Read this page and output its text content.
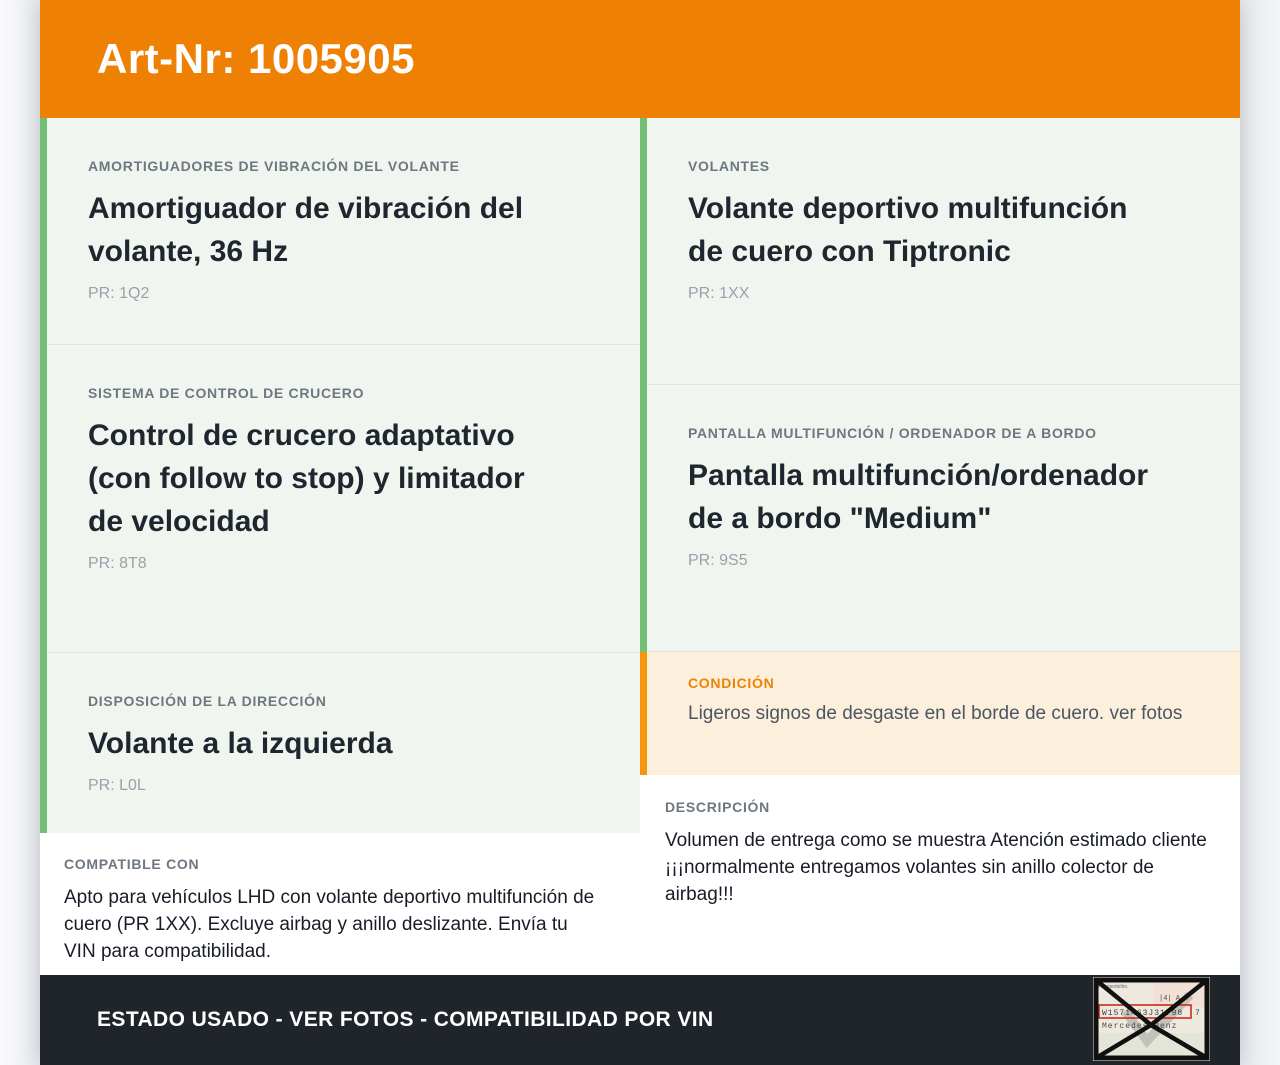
Art-Nr: 1005905

AMORTIGUADORES DE VIBRACIÓN DEL VOLANTE

Amortiguador de vibración del volante, 36 Hz

PR: 1Q2

SISTEMA DE CONTROL DE CRUCERO

Control de crucero adaptativo (con follow to stop) y limitador de velocidad

PR: 8T8

DISPOSICIÓN DE LA DIRECCIÓN

Volante a la izquierda

PR: L0L

COMPATIBLE CON

Apto para vehículos LHD con volante deportivo multifunción de cuero (PR 1XX). Excluye airbag y anillo deslizante. Envía tu VIN para compatibilidad.

VOLANTES

Volante deportivo multifunción de cuero con Tiptronic

PR: 1XX

PANTALLA MULTIFUNCIÓN / ORDENADOR DE A BORDO

Pantalla multifunción/ordenador de a bordo "Medium"

PR: 9S5

CONDICIÓN

Ligeros signos de desgaste en el borde de cuero. ver fotos

DESCRIPCIÓN

Volumen de entrega como se muestra Atención estimado cliente ¡¡¡normalmente entregamos volantes sin anillo colector de airbag!!!

ESTADO USADO - VER FOTOS - COMPATIBILIDAD POR VIN
Fahrgestellnr.
|4| A.6
W1571463J31798 7
Mercedes-Benz
